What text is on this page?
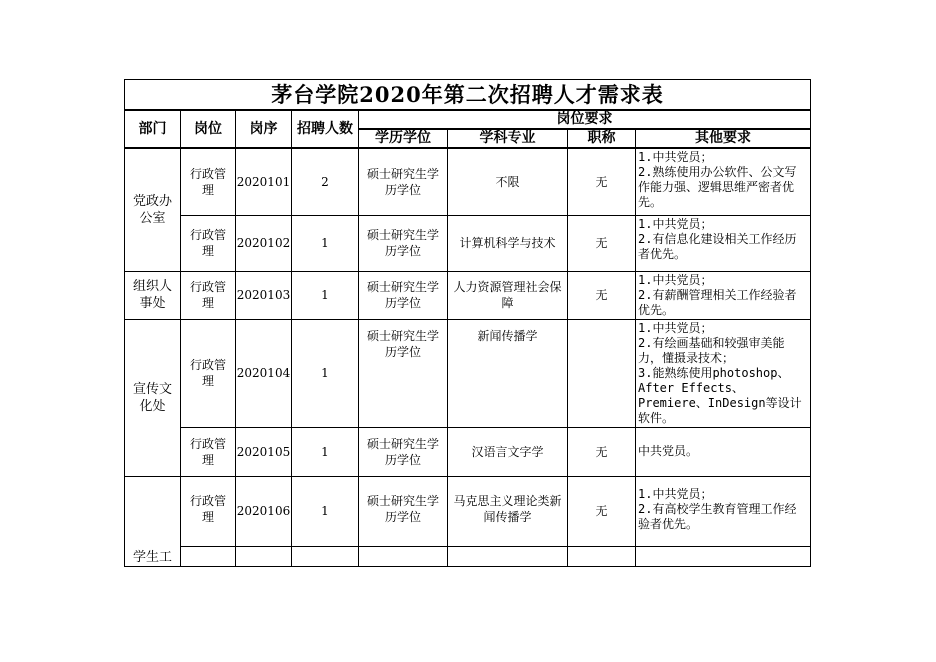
茅台学院2020年第二次招聘人才需求表							
部门	岗位	岗序	招聘人数	岗位要求			
				学历学位	学科专业	职称	其他要求
党政办公室	行政管理	2020101	2	硕士研究生学历学位	不限	无	1.中共党员；
2.熟练使用办公软件、公文写作能力强、逻辑思维严密者优先。

	行政管理	2020102	1	硕士研究生学历学位	计算机科学与技术	无	1.中共党员；
2.有信息化建设相关工作经历者优先。

组织人事处	行政管理	2020103	1	硕士研究生学历学位	人力资源管理社会保障	无	1.中共党员；
2.有薪酬管理相关工作经验者优先。

宣传文化处	行政管理	2020104	1	硕士研究生学历学位	新闻传播学		1.中共党员；
2.有绘画基础和较强审美能力，懂摄录技术；
3.能熟练使用photoshop、After Effects、 Premiere、InDesign等设计软件。

	行政管理	2020105	1	硕士研究生学历学位	汉语言文字学	无	中共党员。

学生工	行政管理	2020106	1	硕士研究生学历学位	马克思主义理论类新闻传播学	无	1.中共党员；
2.有高校学生教育管理工作经验者优先。
